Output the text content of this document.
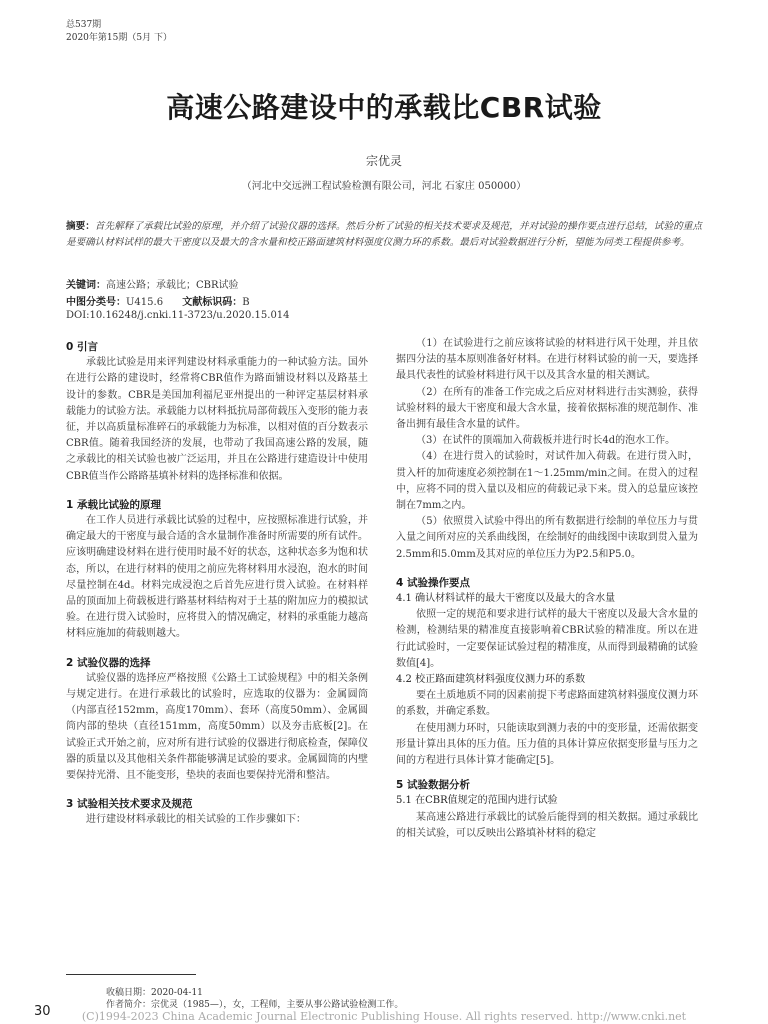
总537期
2020年第15期（5月 下）
高速公路建设中的承载比CBR试验
宗优灵
（河北中交远洲工程试验检测有限公司，河北 石家庄 050000）
摘要：首先解释了承载比试验的原理，并介绍了试验仪器的选择。然后分析了试验的相关技术要求及规范，并对试验的操作要点进行总结，试验的重点是要确认材料试样的最大干密度以及最大的含水量和校正路面建筑材料强度仪测力环的系数。最后对试验数据进行分析，望能为同类工程提供参考。
关键词：高速公路；承载比；CBR试验
中图分类号：U415.6 文献标识码：B
DOI:10.16248/j.cnki.11-3723/u.2020.15.014

0 引言

承载比试验是用来评判建设材料承重能力的一种试验方法。国外在进行公路的建设时，经常将CBR值作为路面铺设材料以及路基土设计的参数。CBR是美国加利福尼亚州提出的一种评定基层材料承载能力的试验方法。承载能力以材料抵抗局部荷载压入变形的能力表征，并以高质量标准碎石的承载能力为标准，以相对值的百分数表示CBR值。随着我国经济的发展，也带动了我国高速公路的发展，随之承载比的相关试验也被广泛运用，并且在公路进行建造设计中使用CBR值当作公路路基填补材料的选择标准和依据。

1 承载比试验的原理

在工作人员进行承载比试验的过程中，应按照标准进行试验，并确定最大的干密度与最合适的含水量制作准备时所需要的所有试件。应该明确建设材料在进行使用时最不好的状态，这种状态多为饱和状态，所以，在进行材料的使用之前应先将材料用水浸泡，泡水的时间尽量控制在4d。材料完成浸泡之后首先应进行贯入试验。在材料样品的顶面加上荷载板进行路基材料结构对于土基的附加应力的模拟试验。在进行贯入试验时，应将贯入的情况确定，材料的承重能力越高材料应施加的荷载则越大。

2 试验仪器的选择

试验仪器的选择应严格按照《公路土工试验规程》中的相关条例与规定进行。在进行承载比的试验时，应选取的仪器为：金属圆筒（内部直径152mm，高度170mm）、套环（高度50mm）、金属圆筒内部的垫块（直径151mm，高度50mm）以及夯击底板[2]。在试验正式开始之前，应对所有进行试验的仪器进行彻底检查，保障仪器的质量以及其他相关条件都能够满足试验的要求。金属圆筒的内壁要保持光滑、且不能变形，垫块的表面也要保持光滑和整洁。

3 试验相关技术要求及规范

进行建设材料承载比的相关试验的工作步骤如下：

（1）在试验进行之前应该将试验的材料进行风干处理，并且依据四分法的基本原则准备好材料。在进行材料试验的前一天，要选择最具代表性的试验材料进行风干以及其含水量的相关测试。

（2）在所有的准备工作完成之后应对材料进行击实测验，获得试验材料的最大干密度和最大含水量，接着依据标准的规范制作、准备出拥有最佳含水量的试件。

（3）在试件的顶端加入荷载板并进行时长4d的泡水工作。

（4）在进行贯入的试验时，对试件加入荷载。在进行贯入时，贯入杆的加荷速度必须控制在1～1.25mm/min之间。在贯入的过程中，应将不同的贯入量以及相应的荷载记录下来。贯入的总量应该控制在7mm之内。

（5）依照贯入试验中得出的所有数据进行绘制的单位压力与贯入量之间所对应的关系曲线图，在绘制好的曲线图中读取到贯入量为2.5mm和5.0mm及其对应的单位压力为P2.5和P5.0。

4 试验操作要点

4.1 确认材料试样的最大干密度以及最大的含水量

依照一定的规范和要求进行试样的最大干密度以及最大含水量的检测，检测结果的精准度直接影响着CBR试验的精准度。所以在进行此试验时，一定要保证试验过程的精准度，从而得到最精确的试验数值[4]。

4.2 校正路面建筑材料强度仪测力环的系数

要在土质地质不同的因素前提下考虑路面建筑材料强度仪测力环的系数，并确定系数。

在使用测力环时，只能读取到测力表的中的变形量，还需依据变形量计算出具体的压力值。压力值的具体计算应依据变形量与压力之间的方程进行具体计算才能确定[5]。

5 试验数据分析

5.1 在CBR值规定的范围内进行试验

某高速公路进行承载比的试验后能得到的相关数据。通过承载比的相关试验，可以反映出公路填补材料的稳定

收稿日期：2020-04-11
作者简介：宗优灵（1985—），女，工程师，主要从事公路试验检测工作。
30	(C)1994-2023 China Academic Journal Electronic Publishing House. All rights reserved. http://www.cnki.net
